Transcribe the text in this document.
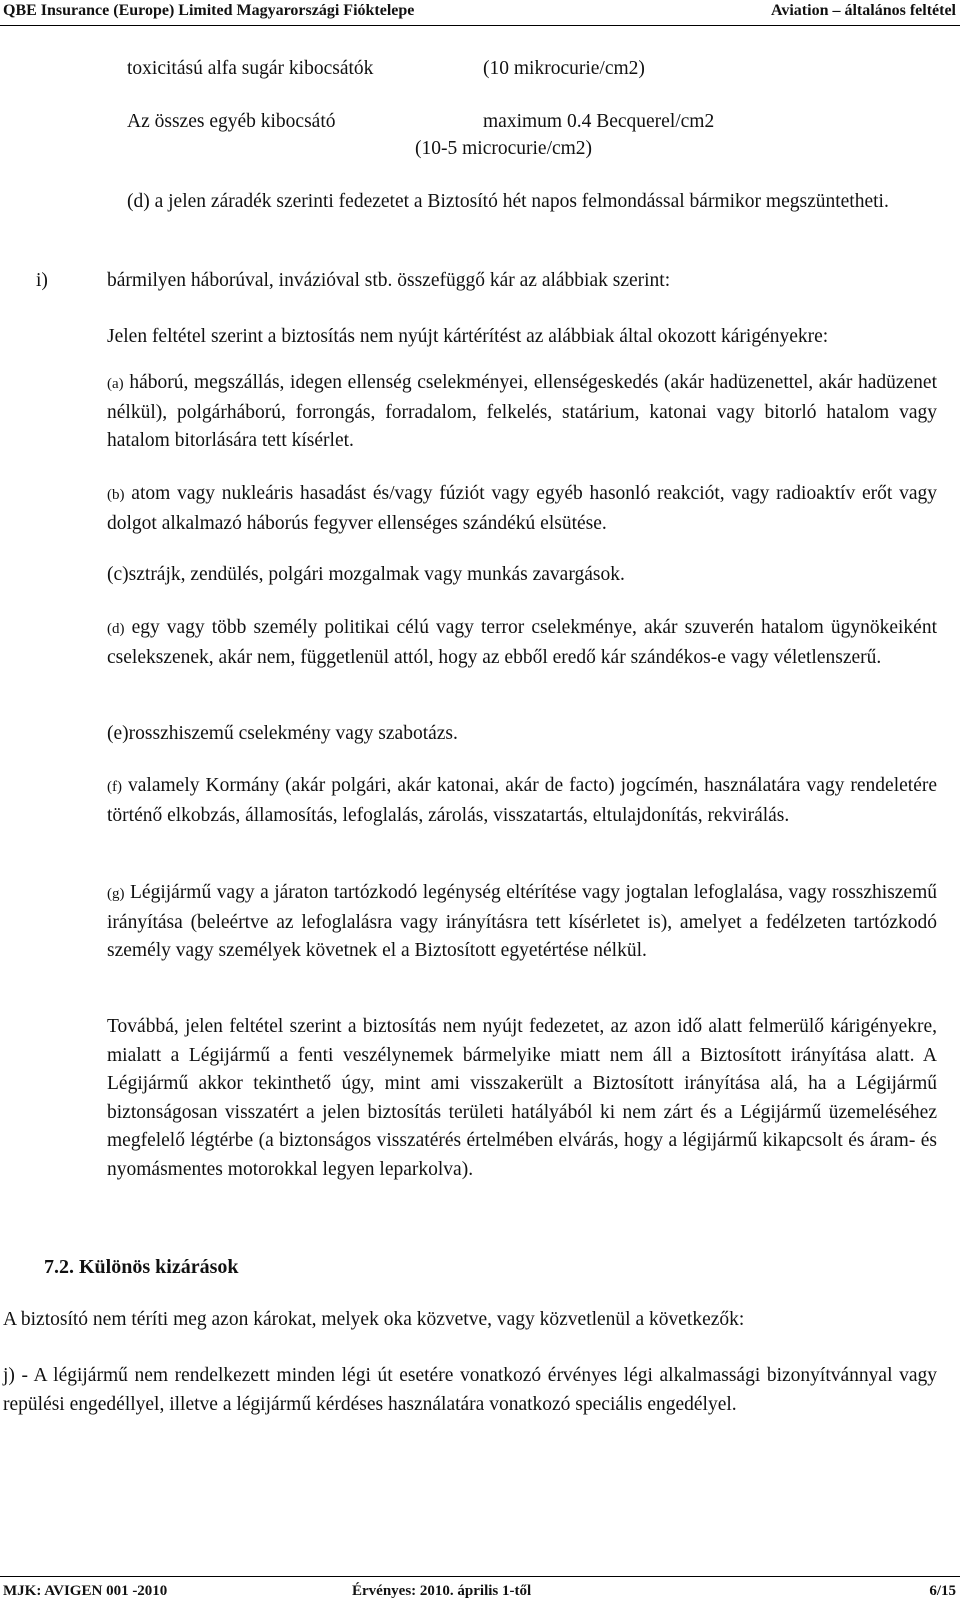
QBE Insurance (Europe) Limited Magyarországi Fióktelepe	Aviation – általános feltétel
toxicitású alfa sugár kibocsátók	(10 mikrocurie/cm2)
Az összes egyéb kibocsátó	maximum 0.4 Becquerel/cm2
(10-5 microcurie/cm2)
(d) a jelen záradék szerinti fedezetet a Biztosító hét napos felmondással bármikor megszüntetheti.
i)	bármilyen háborúval, invázióval stb. összefüggő kár az alábbiak szerint:
Jelen feltétel szerint a biztosítás nem nyújt kártérítést az alábbiak által okozott kárigényekre:
(a) háború, megszállás, idegen ellenség cselekményei, ellenségeskedés (akár hadüzenettel, akár hadüzenet nélkül), polgárháború, forrongás, forradalom, felkelés, statárium, katonai vagy bitorló hatalom vagy hatalom bitorlására tett kísérlet.
(b) atom vagy nukleáris hasadást és/vagy fúziót vagy egyéb hasonló reakciót, vagy radioaktív erőt vagy dolgot alkalmazó háborús fegyver ellenséges szándékú elsütése.
(c)sztrájk, zendülés, polgári mozgalmak vagy munkás zavargások.
(d) egy vagy több személy politikai célú vagy terror cselekménye, akár szuverén hatalom ügynökeiként cselekszenek, akár nem, függetlenül attól, hogy az ebből eredő kár szándékos-e vagy véletlenszerű.
(e)rosszhiszemű cselekmény vagy szabotázs.
(f) valamely Kormány (akár polgári, akár katonai, akár de facto) jogcímén, használatára vagy rendeletére történő elkobzás, államosítás, lefoglalás, zárolás, visszatartás, eltulajdonítás, rekvirálás.
(g) Légijármű vagy a járaton tartózkodó legénység eltérítése vagy jogtalan lefoglalása, vagy rosszhiszemű irányítása (beleértve az lefoglalásra vagy irányításra tett kísérletet is), amelyet a fedélzeten tartózkodó személy vagy személyek követnek el a Biztosított egyetértése nélkül.
Továbbá, jelen feltétel szerint a biztosítás nem nyújt fedezetet, az azon idő alatt felmerülő kárigényekre, mialatt a Légijármű a fenti veszélynemek bármelyike miatt nem áll a Biztosított irányítása alatt. A Légijármű akkor tekinthető úgy, mint ami visszakerült a Biztosított irányítása alá, ha a Légijármű biztonságosan visszatért a jelen biztosítás területi hatályából ki nem zárt és a Légijármű üzemeléséhez megfelelő légtérbe (a biztonságos visszatérés értelmében elvárás, hogy a légijármű kikapcsolt és áram- és nyomásmentes motorokkal legyen leparkolva).
7.2. Különös kizárások
A biztosító nem téríti meg azon károkat, melyek oka közvetve, vagy közvetlenül a következők:
j) - A légijármű nem rendelkezett minden légi út esetére vonatkozó érvényes légi alkalmassági bizonyítvánnyal vagy repülési engedéllyel, illetve a légijármű kérdéses használatára vonatkozó speciális engedélyel.
MJK: AVIGEN 001 -2010	Érvényes: 2010. április 1-től	6/15
